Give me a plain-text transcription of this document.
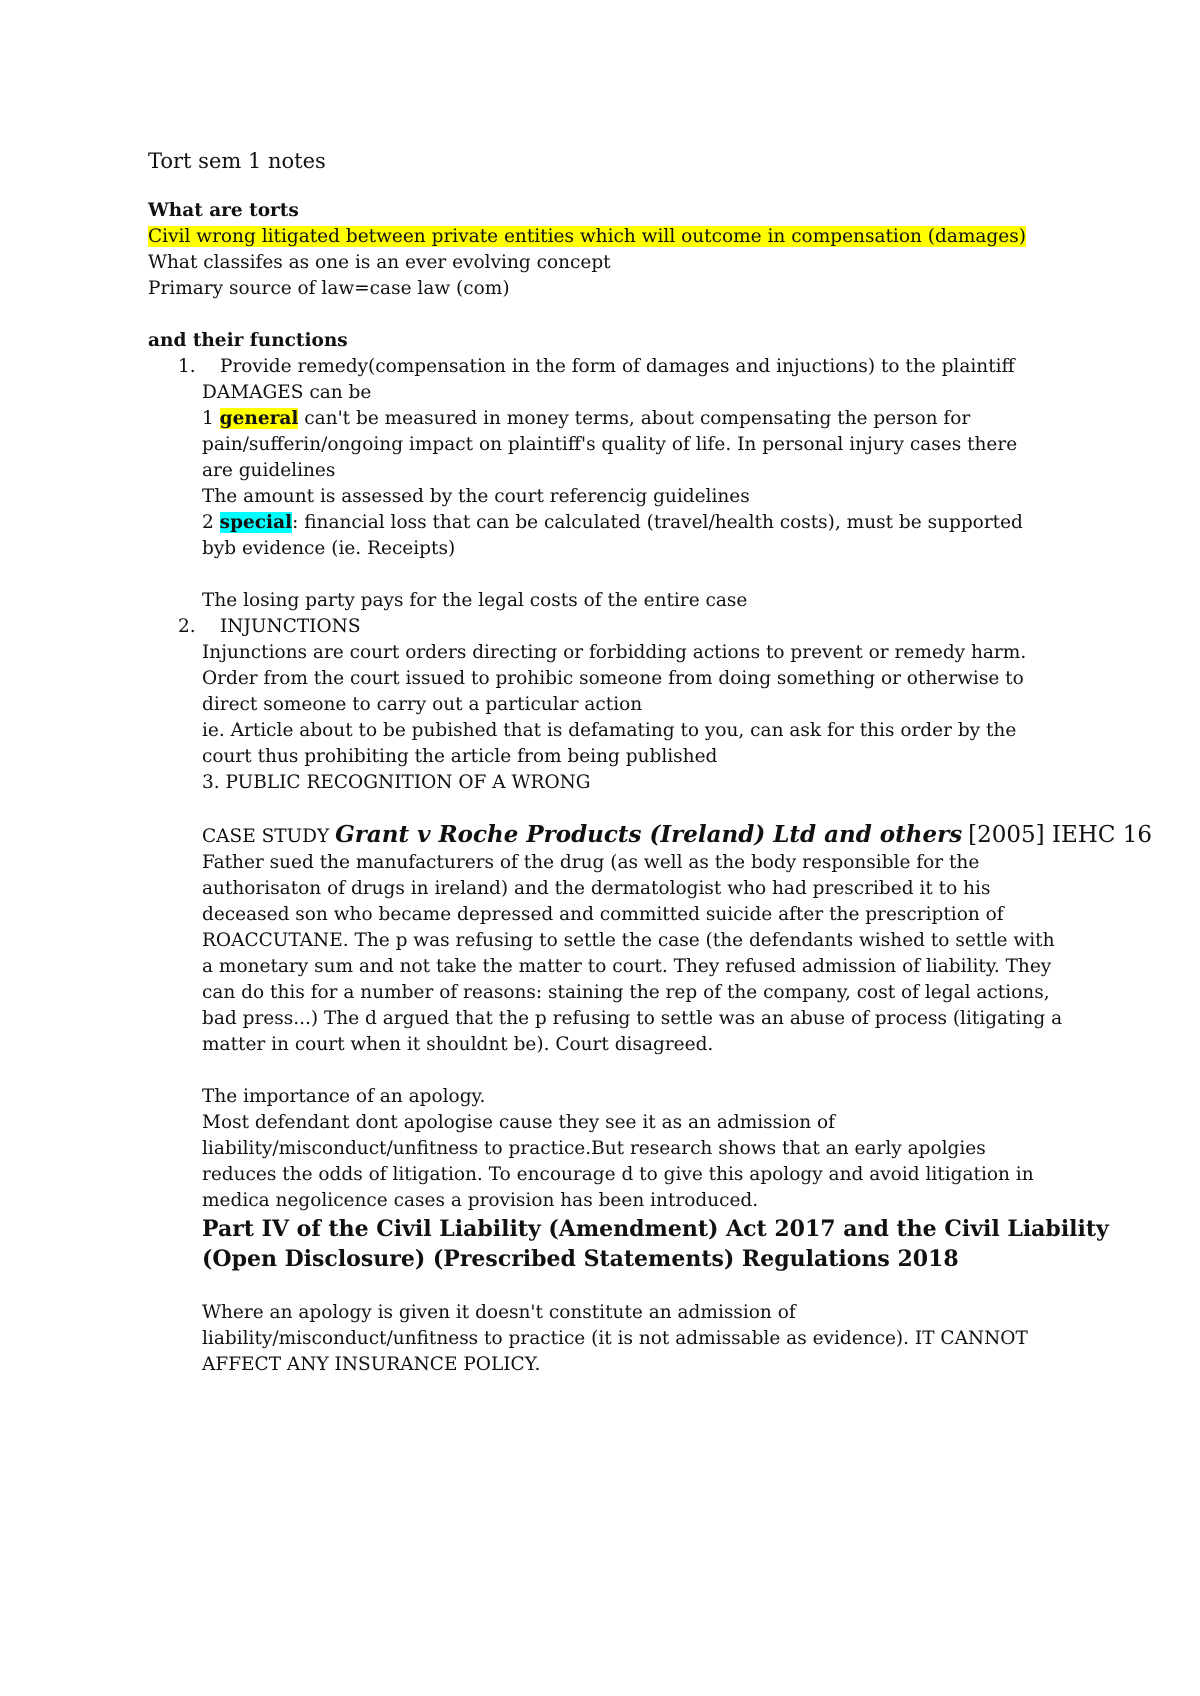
Tort sem 1 notes
What are torts
Civil wrong litigated between private entities which will outcome in compensation (damages)
What classifes as one is an ever evolving concept
Primary source of law=case law (com)
and their functions
1. Provide remedy(compensation in the form of damages and injuctions) to the plaintiff
DAMAGES can be
1 general can't be measured in money terms, about compensating the person for
pain/sufferin/ongoing impact on plaintiff's quality of life. In personal injury cases there
are guidelines
The amount is assessed by the court referencig guidelines
2 special: financial loss that can be calculated (travel/health costs), must be supported
byb evidence (ie. Receipts)
The losing party pays for the legal costs of the entire case
2. INJUNCTIONS
Injunctions are court orders directing or forbidding actions to prevent or remedy harm.
Order from the court issued to prohibic someone from doing something or otherwise to
direct someone to carry out a particular action
ie. Article about to be pubished that is defamating to you, can ask for this order by the
court thus prohibiting the article from being published
3. PUBLIC RECOGNITION OF A WRONG
CASE STUDY Grant v Roche Products (Ireland) Ltd and others [2005] IEHC 16
Father sued the manufacturers of the drug (as well as the body responsible for the
authorisaton of drugs in ireland) and the dermatologist who had prescribed it to his
deceased son who became depressed and committed suicide after the prescription of
ROACCUTANE. The p was refusing to settle the case (the defendants wished to settle with
a monetary sum and not take the matter to court. They refused admission of liability. They
can do this for a number of reasons: staining the rep of the company, cost of legal actions,
bad press...) The d argued that the p refusing to settle was an abuse of process (litigating a
matter in court when it shouldnt be). Court disagreed.
The importance of an apology.
Most defendant dont apologise cause they see it as an admission of
liability/misconduct/unfitness to practice.But research shows that an early apolgies
reduces the odds of litigation. To encourage d to give this apology and avoid litigation in
medica negolicence cases a provision has been introduced.
Part IV of the Civil Liability (Amendment) Act 2017 and the Civil Liability
(Open Disclosure) (Prescribed Statements) Regulations 2018
Where an apology is given it doesn't constitute an admission of
liability/misconduct/unfitness to practice (it is not admissable as evidence). IT CANNOT
AFFECT ANY INSURANCE POLICY.
